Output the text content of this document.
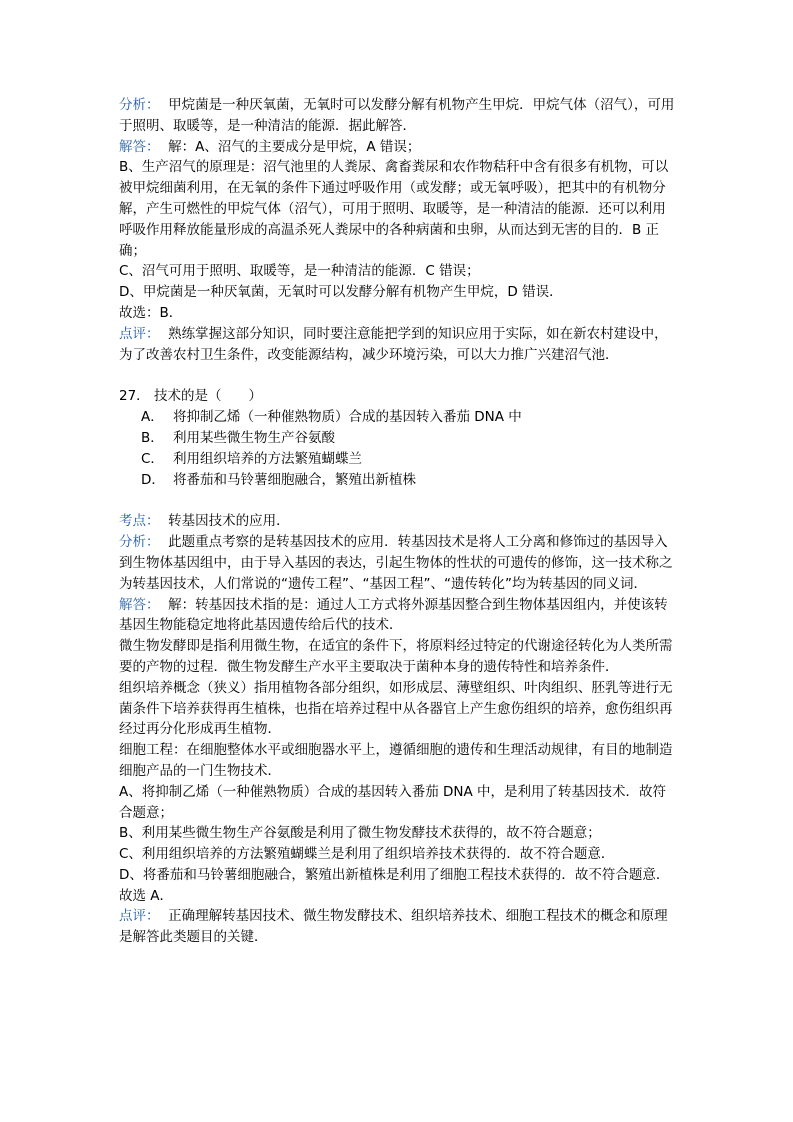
分析： 甲烷菌是一种厌氧菌，无氧时可以发酵分解有机物产生甲烷．甲烷气体（沼气），可用于照明、取暖等，是一种清洁的能源．据此解答．

解答： 解：A、沼气的主要成分是甲烷，A 错误；

B、生产沼气的原理是：沼气池里的人粪尿、禽畜粪尿和农作物秸秆中含有很多有机物，可以被甲烷细菌利用，在无氧的条件下通过呼吸作用（或发酵；或无氧呼吸），把其中的有机物分解，产生可燃性的甲烷气体（沼气），可用于照明、取暖等，是一种清洁的能源．还可以利用呼吸作用释放能量形成的高温杀死人粪尿中的各种病菌和虫卵，从而达到无害的目的．B 正确；

C、沼气可用于照明、取暖等，是一种清洁的能源．C 错误；

D、甲烷菌是一种厌氧菌，无氧时可以发酵分解有机物产生甲烷，D 错误．

故选：B．

点评： 熟练掌握这部分知识，同时要注意能把学到的知识应用于实际，如在新农村建设中，为了改善农村卫生条件，改变能源结构，减少环境污染，可以大力推广兴建沼气池．

27． 技术的是（　　）

A． 将抑制乙烯（一种催熟物质）合成的基因转入番茄 DNA 中

B． 利用某些微生物生产谷氨酸

C． 利用组织培养的方法繁殖蝴蝶兰

D． 将番茄和马铃薯细胞融合，繁殖出新植株

考点： 转基因技术的应用．

分析： 此题重点考察的是转基因技术的应用．转基因技术是将人工分离和修饰过的基因导入到生物体基因组中，由于导入基因的表达，引起生物体的性状的可遗传的修饰，这一技术称之为转基因技术，人们常说的“遗传工程”、“基因工程”、“遗传转化”均为转基因的同义词．

解答： 解：转基因技术指的是：通过人工方式将外源基因整合到生物体基因组内，并使该转基因生物能稳定地将此基因遗传给后代的技术．

微生物发酵即是指利用微生物，在适宜的条件下，将原料经过特定的代谢途径转化为人类所需要的产物的过程．微生物发酵生产水平主要取决于菌种本身的遗传特性和培养条件．

组织培养概念（狭义）指用植物各部分组织，如形成层、薄壁组织、叶肉组织、胚乳等进行无菌条件下培养获得再生植株，也指在培养过程中从各器官上产生愈伤组织的培养，愈伤组织再经过再分化形成再生植物．

细胞工程：在细胞整体水平或细胞器水平上，遵循细胞的遗传和生理活动规律，有目的地制造细胞产品的一门生物技术．

A、将抑制乙烯（一种催熟物质）合成的基因转入番茄 DNA 中，是利用了转基因技术．故符合题意；

B、利用某些微生物生产谷氨酸是利用了微生物发酵技术获得的，故不符合题意；

C、利用组织培养的方法繁殖蝴蝶兰是利用了组织培养技术获得的．故不符合题意．

D、将番茄和马铃薯细胞融合，繁殖出新植株是利用了细胞工程技术获得的．故不符合题意．

故选 A．

点评： 正确理解转基因技术、微生物发酵技术、组织培养技术、细胞工程技术的概念和原理是解答此类题目的关键．
